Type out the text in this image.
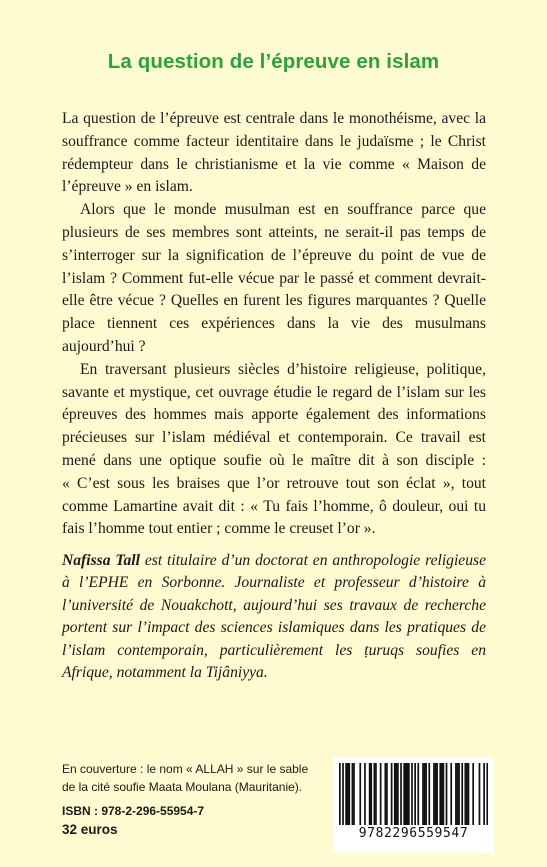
La question de l’épreuve en islam

La question de l’épreuve est centrale dans le monothéisme, avec la souffrance comme facteur identitaire dans le judaïsme ; le Christ rédempteur dans le christianisme et la vie comme « Maison de l’épreuve » en islam.

Alors que le monde musulman est en souffrance parce que plusieurs de ses membres sont atteints, ne serait-il pas temps de s’interroger sur la signification de l’épreuve du point de vue de l’islam ? Comment fut-elle vécue par le passé et comment devrait-elle être vécue ? Quelles en furent les figures marquantes ? Quelle place tiennent ces expériences dans la vie des musulmans aujourd’hui ?

En traversant plusieurs siècles d’histoire religieuse, politique, savante et mystique, cet ouvrage étudie le regard de l’islam sur les épreuves des hommes mais apporte également des informations précieuses sur l’islam médiéval et contemporain. Ce travail est mené dans une optique soufie où le maître dit à son disciple : « C’est sous les braises que l’or retrouve tout son éclat », tout comme Lamartine avait dit : « Tu fais l’homme, ô douleur, oui tu fais l’homme tout entier ; comme le creuset l’or ».

Nafissa Tall est titulaire d’un doctorat en anthropologie religieuse à l’EPHE en Sorbonne. Journaliste et professeur d’histoire à l’université de Nouakchott, aujourd’hui ses travaux de recherche portent sur l’impact des sciences islamiques dans les pratiques de l’islam contemporain, particulièrement les ṭuruqs soufies en Afrique, notamment la Tijâniyya.
En couverture : le nom « ALLAH » sur le sable
de la cité soufie Maata Moulana (Mauritanie).
ISBN : 978-2-296-55954-7
32 euros	9782296559547
